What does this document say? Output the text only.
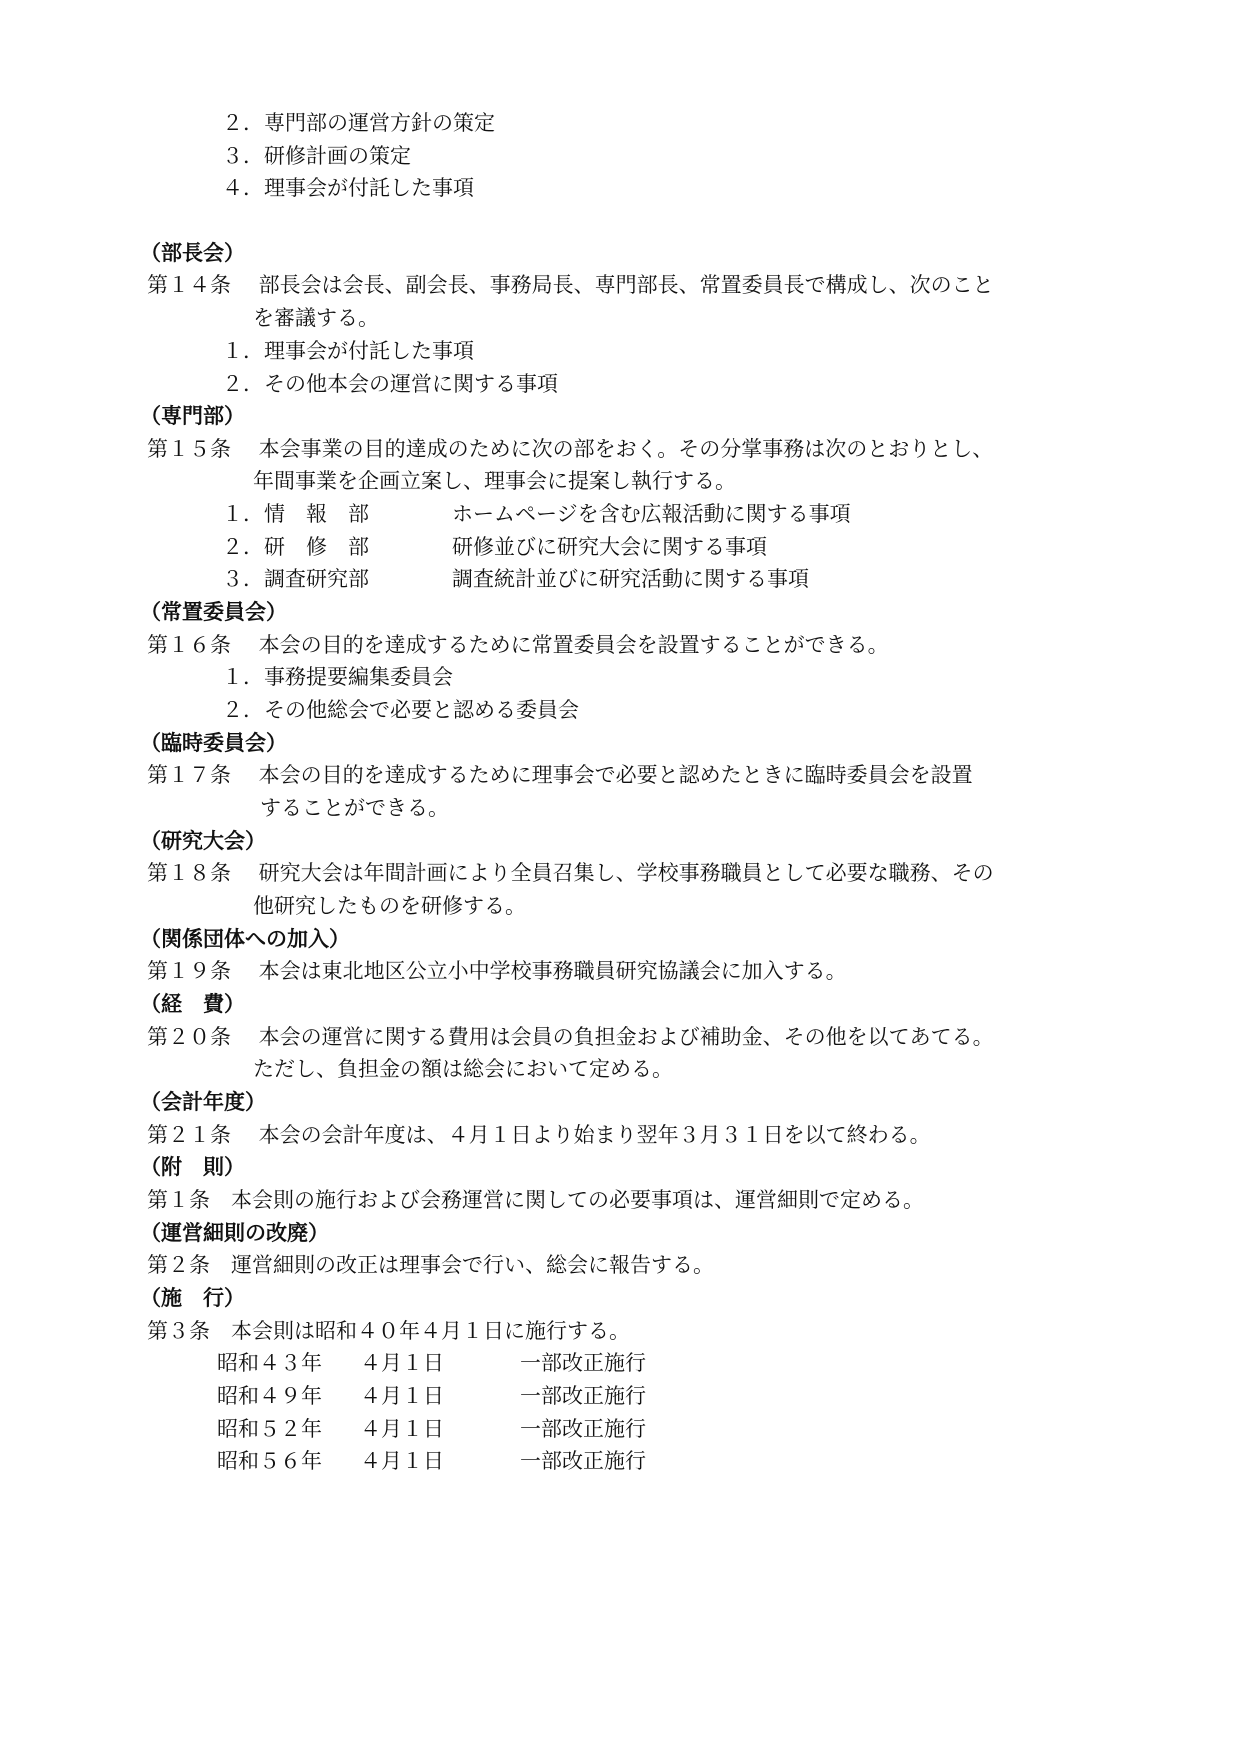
２．専門部の運営方針の策定
３．研修計画の策定
４．理事会が付託した事項
（部長会）
第１４条　 部長会は会長、副会長、事務局長、専門部長、常置委員長で構成し、次のこと
を審議する。
１．理事会が付託した事項
２．その他本会の運営に関する事項
（専門部）
第１５条　 本会事業の目的達成のために次の部をおく。その分掌事務は次のとおりとし、
年間事業を企画立案し、理事会に提案し執行する。
１．情　報　部	ホームページを含む広報活動に関する事項
２．研　修　部	研修並びに研究大会に関する事項
３．調査研究部	調査統計並びに研究活動に関する事項
（常置委員会）
第１６条　 本会の目的を達成するために常置委員会を設置することができる。
１．事務提要編集委員会
２．その他総会で必要と認める委員会
（臨時委員会）
第１７条　 本会の目的を達成するために理事会で必要と認めたときに臨時委員会を設置
することができる。
（研究大会）
第１８条　 研究大会は年間計画により全員召集し、学校事務職員として必要な職務、その
他研究したものを研修する。
（関係団体への加入）
第１９条　 本会は東北地区公立小中学校事務職員研究協議会に加入する。
（経　費）
第２０条　 本会の運営に関する費用は会員の負担金および補助金、その他を以てあてる。
ただし、負担金の額は総会において定める。
（会計年度）
第２１条　 本会の会計年度は、４月１日より始まり翌年３月３１日を以て終わる。
（附　則）
第１条　本会則の施行および会務運営に関しての必要事項は、運営細則で定める。
（運営細則の改廃）
第２条　運営細則の改正は理事会で行い、総会に報告する。
（施　行）
第３条　本会則は昭和４０年４月１日に施行する。
昭和４３年 ４月１日	一部改正施行
昭和４９年 ４月１日	一部改正施行
昭和５２年 ４月１日	一部改正施行
昭和５６年 ４月１日	一部改正施行
